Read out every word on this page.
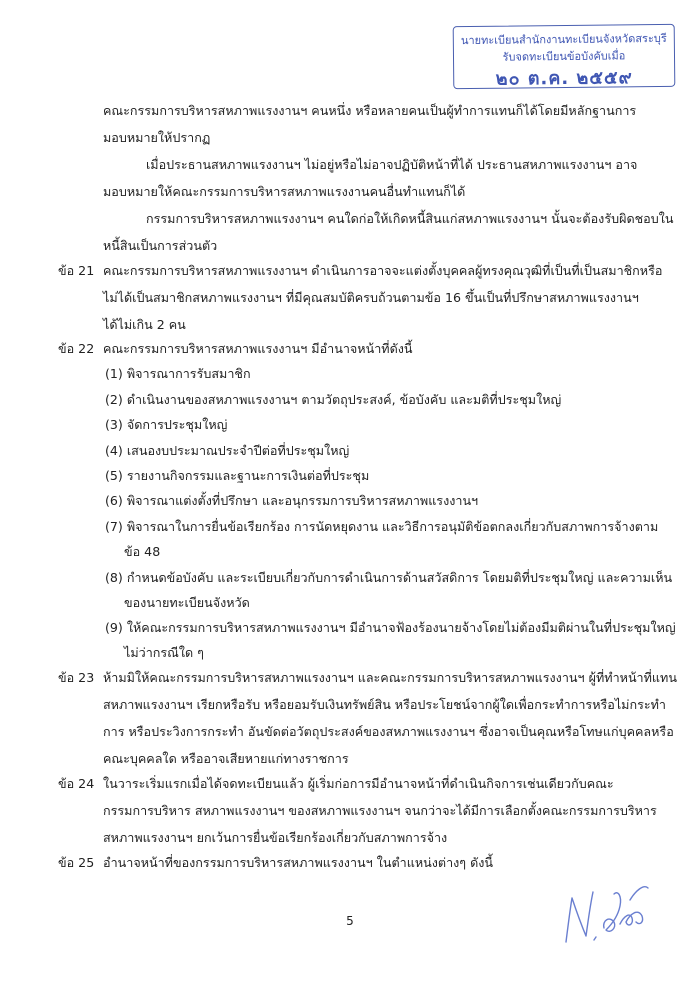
นายทะเบียนสำนักงานทะเบียนจังหวัดสระบุรี
รับจดทะเบียนข้อบังคับเมื่อ
๒๐ ต.ค. ๒๕๕๙
คณะกรรมการบริหารสหภาพแรงงานฯ คนหนึ่ง หรือหลายคนเป็นผู้ทำการแทนก็ได้โดยมีหลักฐานการ
มอบหมายให้ปรากฏ
เมื่อประธานสหภาพแรงงานฯ ไม่อยู่หรือไม่อาจปฏิบัติหน้าที่ได้ ประธานสหภาพแรงงานฯ อาจ
มอบหมายให้คณะกรรมการบริหารสหภาพแรงงานคนอื่นทำแทนก็ได้
กรรมการบริหารสหภาพแรงงานฯ คนใดก่อให้เกิดหนี้สินแก่สหภาพแรงงานฯ นั้นจะต้องรับผิดชอบใน
หนี้สินเป็นการส่วนตัว
ข้อ 21 คณะกรรมการบริหารสหภาพแรงงานฯ ดำเนินการอาจจะแต่งตั้งบุคคลผู้ทรงคุณวุฒิที่เป็นที่เป็นสมาชิกหรือ
ไม่ได้เป็นสมาชิกสหภาพแรงงานฯ ที่มีคุณสมบัติครบถ้วนตามข้อ 16 ขึ้นเป็นที่ปรึกษาสหภาพแรงงานฯ
ได้ไม่เกิน 2 คน
ข้อ 22 คณะกรรมการบริหารสหภาพแรงงานฯ มีอำนาจหน้าที่ดังนี้
(1) พิจารณาการรับสมาชิก
(2) ดำเนินงานของสหภาพแรงงานฯ ตามวัตถุประสงค์, ข้อบังคับ และมติที่ประชุมใหญ่
(3) จัดการประชุมใหญ่
(4) เสนองบประมาณประจำปีต่อที่ประชุมใหญ่
(5) รายงานกิจกรรมและฐานะการเงินต่อที่ประชุม
(6) พิจารณาแต่งตั้งที่ปรึกษา และอนุกรรมการบริหารสหภาพแรงงานฯ
(7) พิจารณาในการยื่นข้อเรียกร้อง การนัดหยุดงาน และวิธีการอนุมัติข้อตกลงเกี่ยวกับสภาพการจ้างตาม
ข้อ 48
(8) กำหนดข้อบังคับ และระเบียบเกี่ยวกับการดำเนินการด้านสวัสดิการ โดยมติที่ประชุมใหญ่ และความเห็น
ของนายทะเบียนจังหวัด
(9) ให้คณะกรรมการบริหารสหภาพแรงงานฯ มีอำนาจฟ้องร้องนายจ้างโดยไม่ต้องมีมติผ่านในที่ประชุมใหญ่
ไม่ว่ากรณีใด ๆ
ข้อ 23 ห้ามมิให้คณะกรรมการบริหารสหภาพแรงงานฯ และคณะกรรมการบริหารสหภาพแรงงานฯ ผู้ที่ทำหน้าที่แทน
สหภาพแรงงานฯ เรียกหรือรับ หรือยอมรับเงินทรัพย์สิน หรือประโยชน์จากผู้ใดเพื่อกระทำการหรือไม่กระทำ
การ หรือประวิงการกระทำ อันขัดต่อวัตถุประสงค์ของสหภาพแรงงานฯ ซึ่งอาจเป็นคุณหรือโทษแก่บุคคลหรือ
คณะบุคคลใด หรืออาจเสียหายแก่ทางราชการ
ข้อ 24 ในวาระเริ่มแรกเมื่อได้จดทะเบียนแล้ว ผู้เริ่มก่อการมีอำนาจหน้าที่ดำเนินกิจการเช่นเดียวกับคณะ
กรรมการบริหาร สหภาพแรงงานฯ ของสหภาพแรงงานฯ จนกว่าจะได้มีการเลือกตั้งคณะกรรมการบริหาร
สหภาพแรงงานฯ ยกเว้นการยื่นข้อเรียกร้องเกี่ยวกับสภาพการจ้าง
ข้อ 25 อำนาจหน้าที่ของกรรมการบริหารสหภาพแรงงานฯ ในตำแหน่งต่างๆ ดังนี้
5
